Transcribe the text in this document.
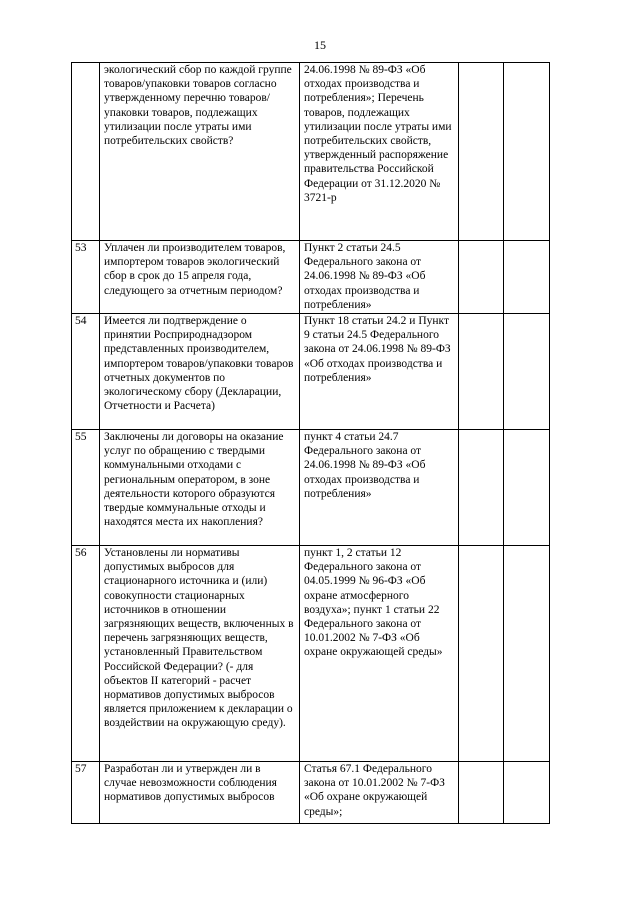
15

	экологический сбор по каждой группе товаров/упаковки товаров согласно утвержденному перечню товаров/упаковки товаров, подлежащих утилизации после утраты ими потребительских свойств?	24.06.1998 № 89-ФЗ «Об отходах производства и потребления»; Перечень товаров, подлежащих утилизации после утраты ими потребительских свойств, утвержденный распоряжение правительства Российской Федерации от 31.12.2020 № 3721-р		

53	Уплачен ли производителем товаров, импортером товаров экологический сбор в срок до 15 апреля года, следующего за отчетным периодом?	Пункт 2 статьи 24.5 Федерального закона от 24.06.1998 № 89-ФЗ «Об отходах производства и потребления»		

54	Имеется ли подтверждение о принятии Росприроднадзором представленных производителем, импортером товаров/упаковки товаров отчетных документов по экологическому сбору (Декларации, Отчетности и Расчета)	Пункт 18 статьи 24.2 и Пункт 9 статьи 24.5 Федерального закона от 24.06.1998 № 89-ФЗ «Об отходах производства и потребления»		

55	Заключены ли договоры на оказание услуг по обращению с твердыми коммунальными отходами с региональным оператором, в зоне деятельности которого образуются твердые коммунальные отходы и находятся места их накопления?	пункт 4 статьи 24.7 Федерального закона от 24.06.1998 № 89-ФЗ «Об отходах производства и потребления»		

56	Установлены ли нормативы допустимых выбросов для стационарного источника и (или) совокупности стационарных источников в отношении загрязняющих веществ, включенных в перечень загрязняющих веществ, установленный Правительством Российской Федерации? (- для объектов II категорий - расчет нормативов допустимых выбросов является приложением к декларации о воздействии на окружающую среду).	пункт 1, 2 статьи 12 Федерального закона от 04.05.1999 № 96-ФЗ «Об охране атмосферного воздуха»; пункт 1 статьи 22 Федерального закона от 10.01.2002 № 7-ФЗ «Об охране окружающей среды»		

57	Разработан ли и утвержден ли в случае невозможности соблюдения нормативов допустимых выбросов	Статья 67.1 Федерального закона от 10.01.2002 № 7-ФЗ «Об охране окружающей среды»;		
